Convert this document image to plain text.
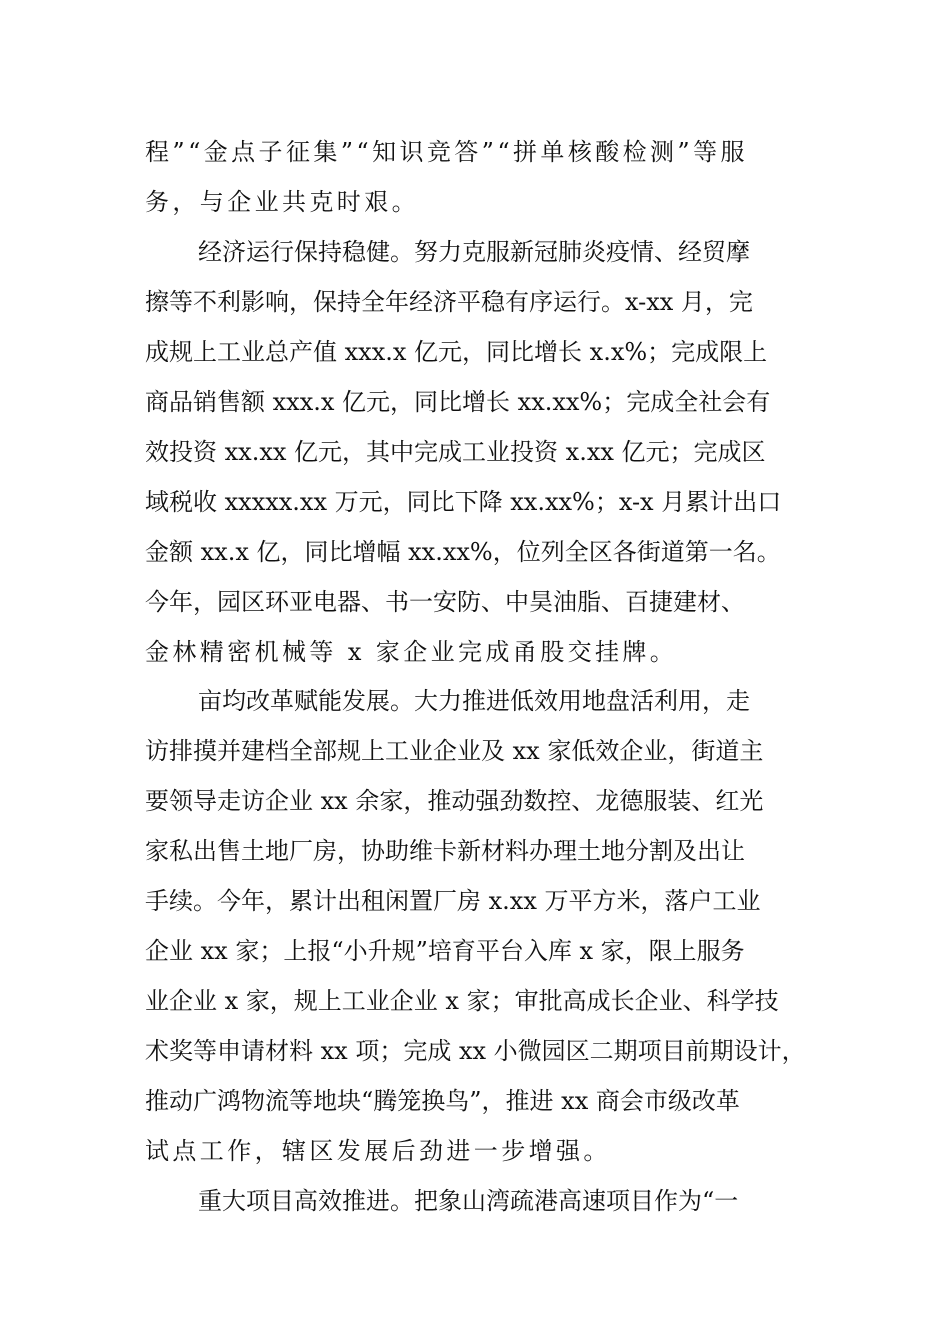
程”“金点子征集”“知识竞答”“拼单核酸检测”等服
务，与企业共克时艰。
经济运行保持稳健。努力克服新冠肺炎疫情、经贸摩
擦等不利影响，保持全年经济平稳有序运行。x-xx 月，完
成规上工业总产值 xxx.x 亿元，同比增长 x.x%；完成限上
商品销售额 xxx.x 亿元，同比增长 xx.xx%；完成全社会有
效投资 xx.xx 亿元，其中完成工业投资 x.xx 亿元；完成区
域税收 xxxxx.xx 万元，同比下降 xx.xx%；x-x 月累计出口
金额 xx.x 亿，同比增幅 xx.xx%，位列全区各街道第一名。
今年，园区环亚电器、书一安防、中昊油脂、百捷建材、
金林精密机械等 x 家企业完成甬股交挂牌。
亩均改革赋能发展。大力推进低效用地盘活利用，走
访排摸并建档全部规上工业企业及 xx 家低效企业，街道主
要领导走访企业 xx 余家，推动强劲数控、龙德服装、红光
家私出售土地厂房，协助维卡新材料办理土地分割及出让
手续。今年，累计出租闲置厂房 x.xx 万平方米，落户工业
企业 xx 家；上报“小升规”培育平台入库 x 家，限上服务
业企业 x 家，规上工业企业 x 家；审批高成长企业、科学技
术奖等申请材料 xx 项；完成 xx 小微园区二期项目前期设计，
推动广鸿物流等地块“腾笼换鸟”，推进 xx 商会市级改革
试点工作，辖区发展后劲进一步增强。
重大项目高效推进。把象山湾疏港高速项目作为“一
